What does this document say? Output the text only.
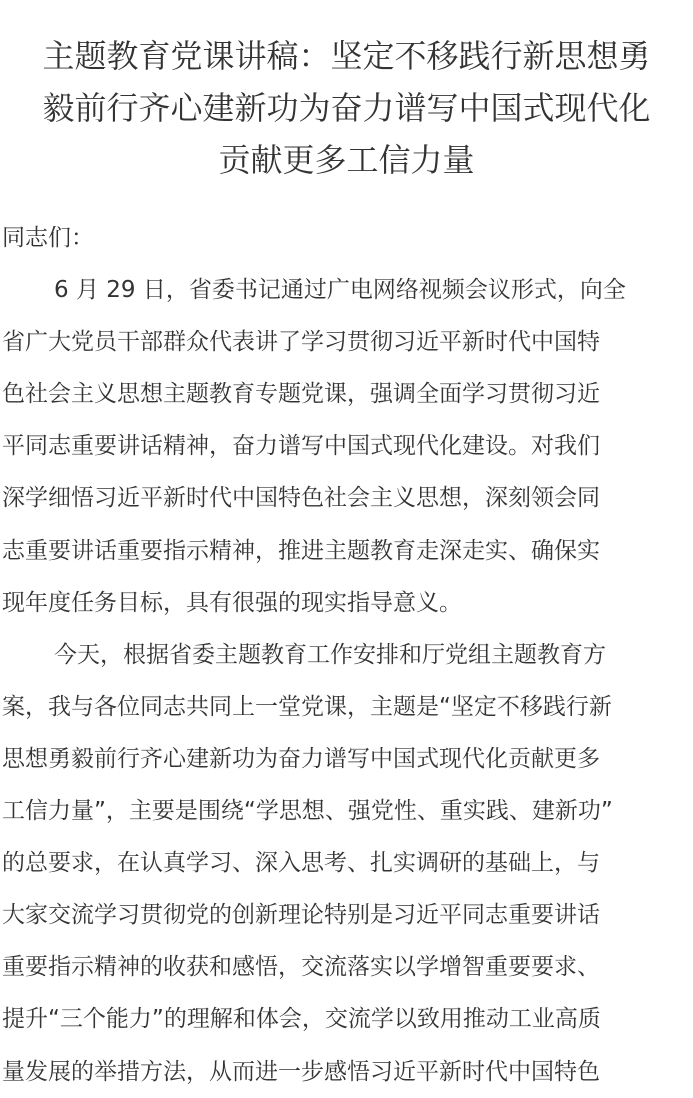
主题教育党课讲稿：坚定不移践行新思想勇
毅前行齐心建新功为奋力谱写中国式现代化
贡献更多工信力量
同志们：
6 月 29 日，省委书记通过广电网络视频会议形式，向全
省广大党员干部群众代表讲了学习贯彻习近平新时代中国特
色社会主义思想主题教育专题党课，强调全面学习贯彻习近
平同志重要讲话精神，奋力谱写中国式现代化建设。对我们
深学细悟习近平新时代中国特色社会主义思想，深刻领会同
志重要讲话重要指示精神，推进主题教育走深走实、确保实
现年度任务目标，具有很强的现实指导意义。
今天，根据省委主题教育工作安排和厅党组主题教育方
案，我与各位同志共同上一堂党课，主题是“坚定不移践行新
思想勇毅前行齐心建新功为奋力谱写中国式现代化贡献更多
工信力量”，主要是围绕“学思想、强党性、重实践、建新功”
的总要求，在认真学习、深入思考、扎实调研的基础上，与
大家交流学习贯彻党的创新理论特别是习近平同志重要讲话
重要指示精神的收获和感悟，交流落实以学增智重要要求、
提升“三个能力”的理解和体会，交流学以致用推动工业高质
量发展的举措方法，从而进一步感悟习近平新时代中国特色
